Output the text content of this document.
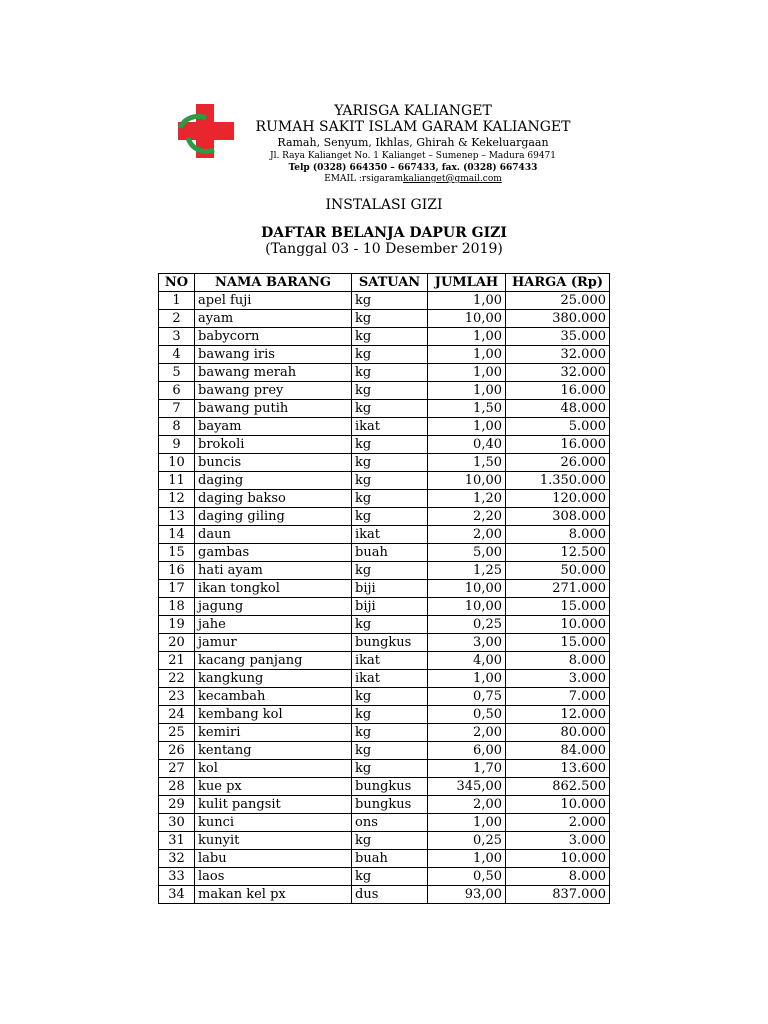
YARISGA KALIANGET
RUMAH SAKIT ISLAM GARAM KALIANGET
Ramah, Senyum, Ikhlas, Ghirah & Kekeluargaan
Jl. Raya Kalianget No. 1 Kalianget – Sumenep – Madura 69471
Telp (0328) 664350 – 667433, fax. (0328) 667433
EMAIL :rsigaramkalianget@gmail.com
INSTALASI GIZI
DAFTAR BELANJA DAPUR GIZI
(Tanggal 03 - 10 Desember 2019)
NO	NAMA BARANG	SATUAN	JUMLAH	HARGA (Rp)
1	apel fuji	kg	1,00	25.000
2	ayam	kg	10,00	380.000
3	babycorn	kg	1,00	35.000
4	bawang iris	kg	1,00	32.000
5	bawang merah	kg	1,00	32.000
6	bawang prey	kg	1,00	16.000
7	bawang putih	kg	1,50	48.000
8	bayam	ikat	1,00	5.000
9	brokoli	kg	0,40	16.000
10	buncis	kg	1,50	26.000
11	daging	kg	10,00	1.350.000
12	daging bakso	kg	1,20	120.000
13	daging giling	kg	2,20	308.000
14	daun	ikat	2,00	8.000
15	gambas	buah	5,00	12.500
16	hati ayam	kg	1,25	50.000
17	ikan tongkol	biji	10,00	271.000
18	jagung	biji	10,00	15.000
19	jahe	kg	0,25	10.000
20	jamur	bungkus	3,00	15.000
21	kacang panjang	ikat	4,00	8.000
22	kangkung	ikat	1,00	3.000
23	kecambah	kg	0,75	7.000
24	kembang kol	kg	0,50	12.000
25	kemiri	kg	2,00	80.000
26	kentang	kg	6,00	84.000
27	kol	kg	1,70	13.600
28	kue px	bungkus	345,00	862.500
29	kulit pangsit	bungkus	2,00	10.000
30	kunci	ons	1,00	2.000
31	kunyit	kg	0,25	3.000
32	labu	buah	1,00	10.000
33	laos	kg	0,50	8.000
34	makan kel px	dus	93,00	837.000
